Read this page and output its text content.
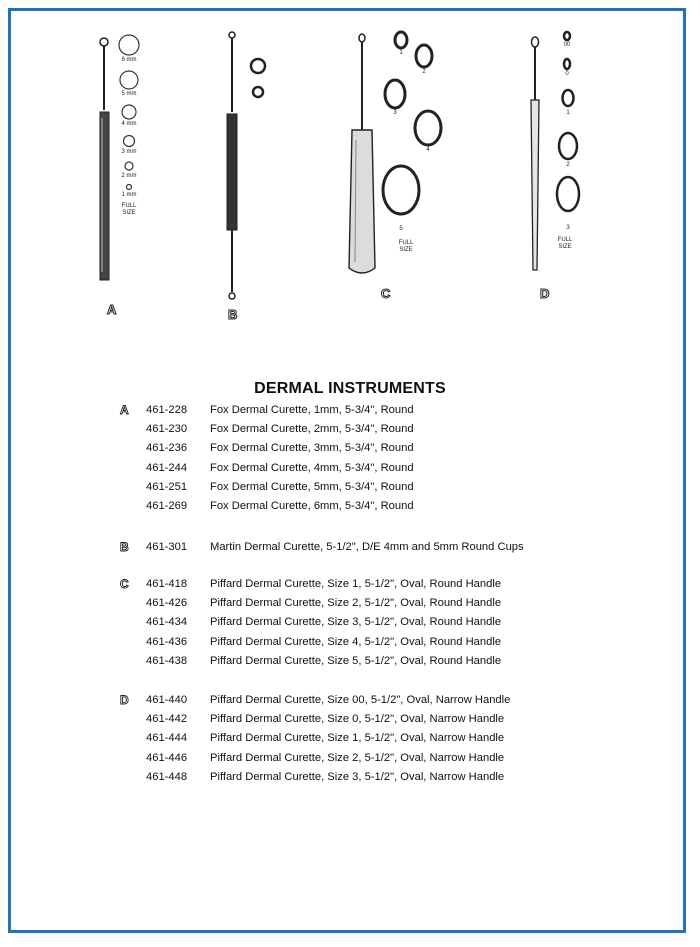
A	B
C	D
6 mm
5 mm
4 mm
3 mm
2 mm
1 mm
FULL
SIZE
1
2
3
4
5
FULL
SIZE
00
0
1
2
3
FULL
SIZE
DERMAL INSTRUMENTS
A 461-228 Fox Dermal Curette, 1mm, 5-3/4", Round
461-230 Fox Dermal Curette, 2mm, 5-3/4", Round
461-236 Fox Dermal Curette, 3mm, 5-3/4", Round
461-244 Fox Dermal Curette, 4mm, 5-3/4", Round
461-251 Fox Dermal Curette, 5mm, 5-3/4", Round
461-269 Fox Dermal Curette, 6mm, 5-3/4", Round
B 461-301 Martin Dermal Curette, 5-1/2", D/E 4mm and 5mm Round Cups
C 461-418 Piffard Dermal Curette, Size 1, 5-1/2", Oval, Round Handle
461-426 Piffard Dermal Curette, Size 2, 5-1/2", Oval, Round Handle
461-434 Piffard Dermal Curette, Size 3, 5-1/2", Oval, Round Handle
461-436 Piffard Dermal Curette, Size 4, 5-1/2", Oval, Round Handle
461-438 Piffard Dermal Curette, Size 5, 5-1/2", Oval, Round Handle
D 461-440 Piffard Dermal Curette, Size 00, 5-1/2", Oval, Narrow Handle
461-442 Piffard Dermal Curette, Size 0, 5-1/2", Oval, Narrow Handle
461-444 Piffard Dermal Curette, Size 1, 5-1/2", Oval, Narrow Handle
461-446 Piffard Dermal Curette, Size 2, 5-1/2", Oval, Narrow Handle
461-448 Piffard Dermal Curette, Size 3, 5-1/2", Oval, Narrow Handle
